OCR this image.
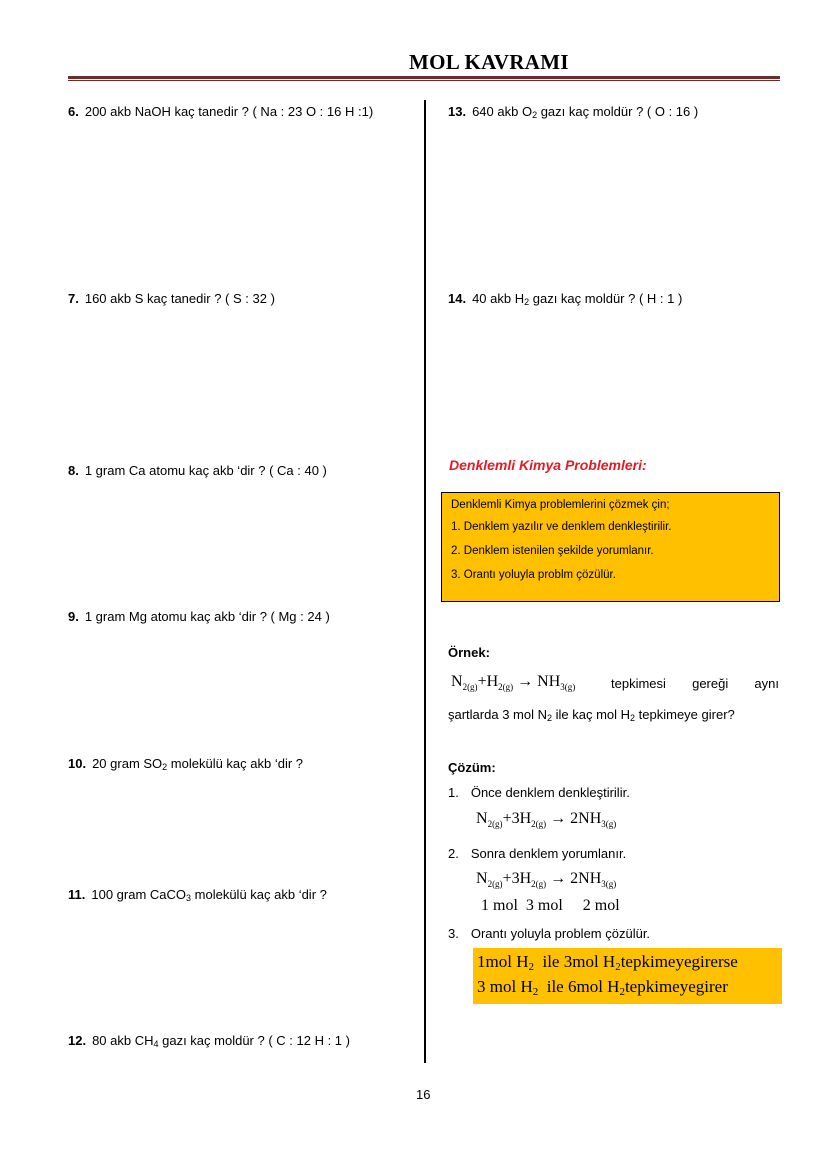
MOL KAVRAMI
6. 200 akb NaOH kaç tanedir ? ( Na : 23 O : 16 H :1)
7. 160 akb S kaç tanedir ? ( S : 32 )
8. 1 gram Ca atomu kaç akb ‘dir ? ( Ca : 40 )
9. 1 gram Mg atomu kaç akb ‘dir ? ( Mg : 24 )
10. 20 gram $SO_2$ molekülü kaç akb ‘dir ?
11. 100 gram CaCO$_3$ molekülü kaç akb ‘dir ?
12. 80 akb $CH_4$ gazı kaç moldür ? ( C : 12 H : 1 )
13. 640 akb $O_2$ gazı kaç moldür ? ( O : 16 )
14. 40 akb $H_2$ gazı kaç moldür ? ( H : 1 )
Denklemli Kimya Problemleri:
Denklemli Kimya problemlerini çözmek çin;
1. Denklem yazılır ve denklem denkleştirilir.
2. Denklem istenilen şekilde yorumlanır.
3. Orantı yoluyla problm çözülür.
Örnek:
$N_{2(g)}+H_{2(g)} \to NH_{3(g)}$	tepkimesi gereği aynı
şartlarda 3 mol $N_2$ ile kaç mol $H_2$ tepkimeye girer?
Çözüm:
1. Önce denklem denkleştirilir.
$N_{2(g)}+3H_{2(g)} \to 2NH_{3(g)}$
2. Sonra denklem yorumlanır.
$N_{2(g)}+3H_{2(g)} \to 2NH_{3(g)}$
1 mol  3 mol     2 mol
3. Orantı yoluyla problem çözülür.
1mol $H_2$  ile 3mol $H_2tepkimeyegirerse$
3 mol $H_2$  ile 6mol $H_2tepkimeyegirer$
16
